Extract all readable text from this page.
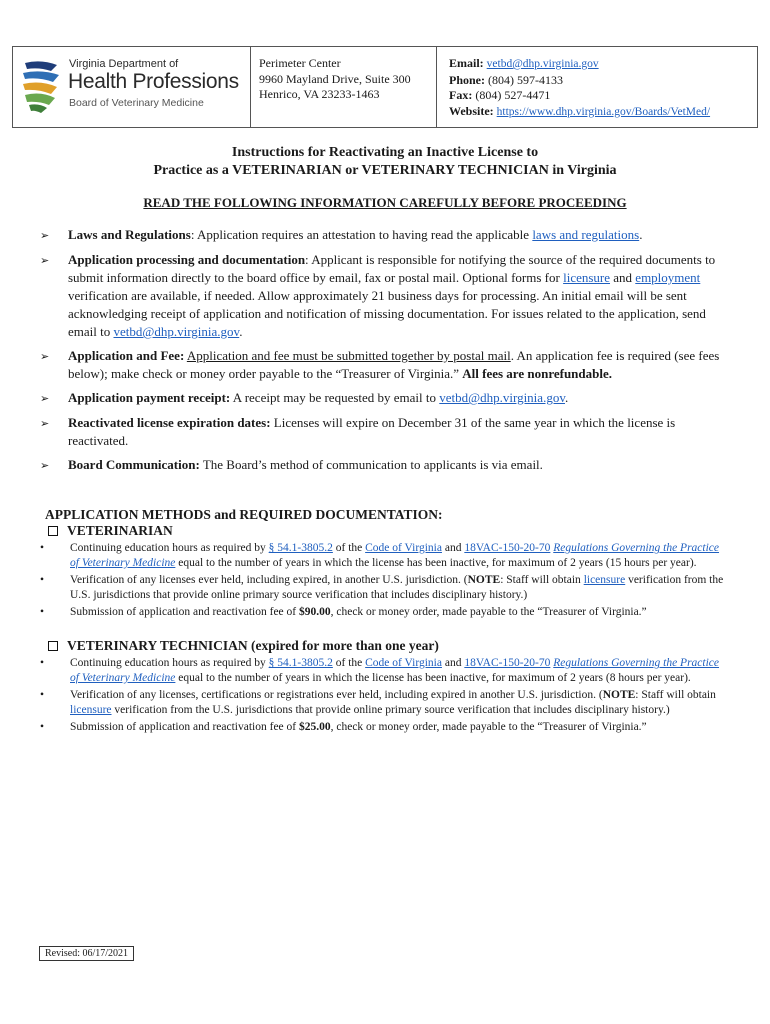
Virginia Department of
Health Professions
Board of Veterinary Medicine
Perimeter Center
9960 Mayland Drive, Suite 300
Henrico, VA 23233-1463
Email: vetbd@dhp.virginia.gov
Phone: (804) 597-4133
Fax: (804) 527-4471
Website: https://www.dhp.virginia.gov/Boards/VetMed/
Instructions for Reactivating an Inactive License to
Practice as a VETERINARIAN or VETERINARY TECHNICIAN in Virginia
READ THE FOLLOWING INFORMATION CAREFULLY BEFORE PROCEEDING
➢	Laws and Regulations: Application requires an attestation to having read the applicable laws and regulations.
➢	Application processing and documentation: Applicant is responsible for notifying the source of the required documents to submit information directly to the board office by email, fax or postal mail. Optional forms for licensure and employment verification are available, if needed. Allow approximately 21 business days for processing. An initial email will be sent acknowledging receipt of application and notification of missing documentation. For issues related to the application, send email to vetbd@dhp.virginia.gov.
➢	Application and Fee: Application and fee must be submitted together by postal mail. An application fee is required (see fees below); make check or money order payable to the “Treasurer of Virginia.” All fees are nonrefundable.
➢	Application payment receipt: A receipt may be requested by email to vetbd@dhp.virginia.gov.
➢	Reactivated license expiration dates: Licenses will expire on December 31 of the same year in which the license is reactivated.
➢	Board Communication: The Board’s method of communication to applicants is via email.
APPLICATION METHODS and REQUIRED DOCUMENTATION:
VETERINARIAN
•	Continuing education hours as required by § 54.1-3805.2 of the Code of Virginia and 18VAC-150-20-70 Regulations Governing the Practice of Veterinary Medicine equal to the number of years in which the license has been inactive, for maximum of 2 years (15 hours per year).
•	Verification of any licenses ever held, including expired, in another U.S. jurisdiction. (NOTE: Staff will obtain licensure verification from the U.S. jurisdictions that provide online primary source verification that includes disciplinary history.)
•	Submission of application and reactivation fee of $90.00, check or money order, made payable to the “Treasurer of Virginia.”
VETERINARY TECHNICIAN (expired for more than one year)
•	Continuing education hours as required by § 54.1-3805.2 of the Code of Virginia and 18VAC-150-20-70 Regulations Governing the Practice of Veterinary Medicine equal to the number of years in which the license has been inactive, for maximum of 2 years (8 hours per year).
•	Verification of any licenses, certifications or registrations ever held, including expired in another U.S. jurisdiction. (NOTE: Staff will obtain licensure verification from the U.S. jurisdictions that provide online primary source verification that includes disciplinary history.)
•	Submission of application and reactivation fee of $25.00, check or money order, made payable to the “Treasurer of Virginia.”
Revised: 06/17/2021
